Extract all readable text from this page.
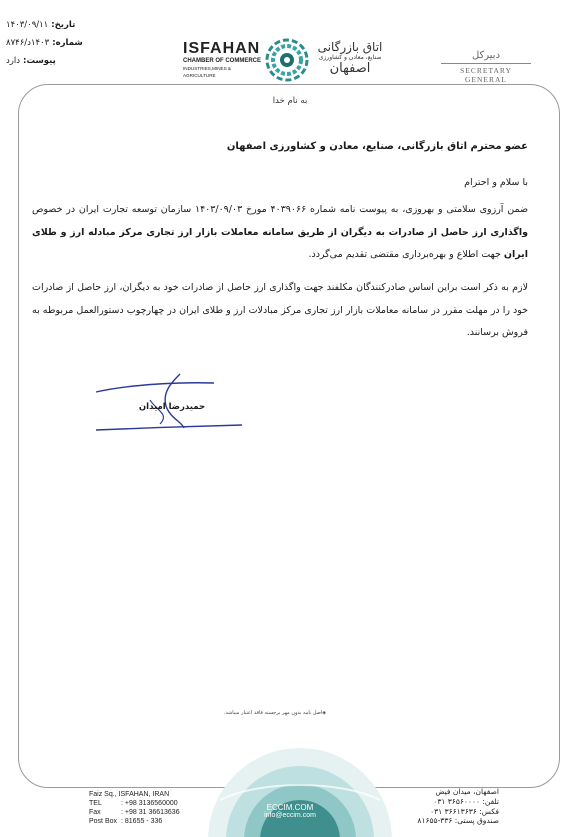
تاریخ:
۱۴۰۳/۰۹/۱۱
شماره:
۱۴۰۳د/۸۷۴۶
پیوست:
دارد
ISFAHAN
CHAMBER OF COMMERCE
INDUSTRIES,MINES & AGRICULTURE
اتاق بازرگانی
صنایع، معادن و کشاورزی
اصفهان
دبیرکل
SECRETARY GENERAL
به نام خدا
عضو محترم اتاق بازرگانی، صنایع، معادن و کشاورزی اصفهان
با سلام و احترام
ضمن آرزوی سلامتی و بهروزی، به پیوست نامه شماره ۴۰۳۹۰۶۶ مورخ ۱۴۰۳/۰۹/۰۳ سازمان توسعه تجارت ایران در خصوص واگذاری ارز حاصل از صادرات به دیگران از طریق سامانه معاملات بازار ارز تجاری مرکز مبادله ارز و طلای ایران جهت اطلاع و بهره‌برداری مقتضی تقدیم می‌گردد.
لازم به ذکر است براین اساس صادرکنندگان مکلفند جهت واگذاری ارز حاصل از صادرات خود به دیگران، ارز حاصل از صادرات خود را در مهلت مقرر در سامانه معاملات بازار ارز تجاری مرکز مبادلات ارز و طلای ایران در چهارچوب دستورالعمل مربوطه به فروش برسانند.
حمیدرضا امیدان
◈اصل نامه بدون مهر برجسته فاقد اعتبار میباشد.
ECCIM.COM
info@eccim.com
Faiz Sq., ISFAHAN, IRAN
TEL	: +98 3136560000
Fax	: +98 31 36613636
Post Box : 81655 - 336
اصفهان، میدان فیض
تلفن: ۳۶۵۶۰۰۰۰ ۰۳۱
فکس: ۳۶۶۱۳۶۳۶ ۰۳۱
صندوق پستی: ۳۳۶-۸۱۶۵۵
